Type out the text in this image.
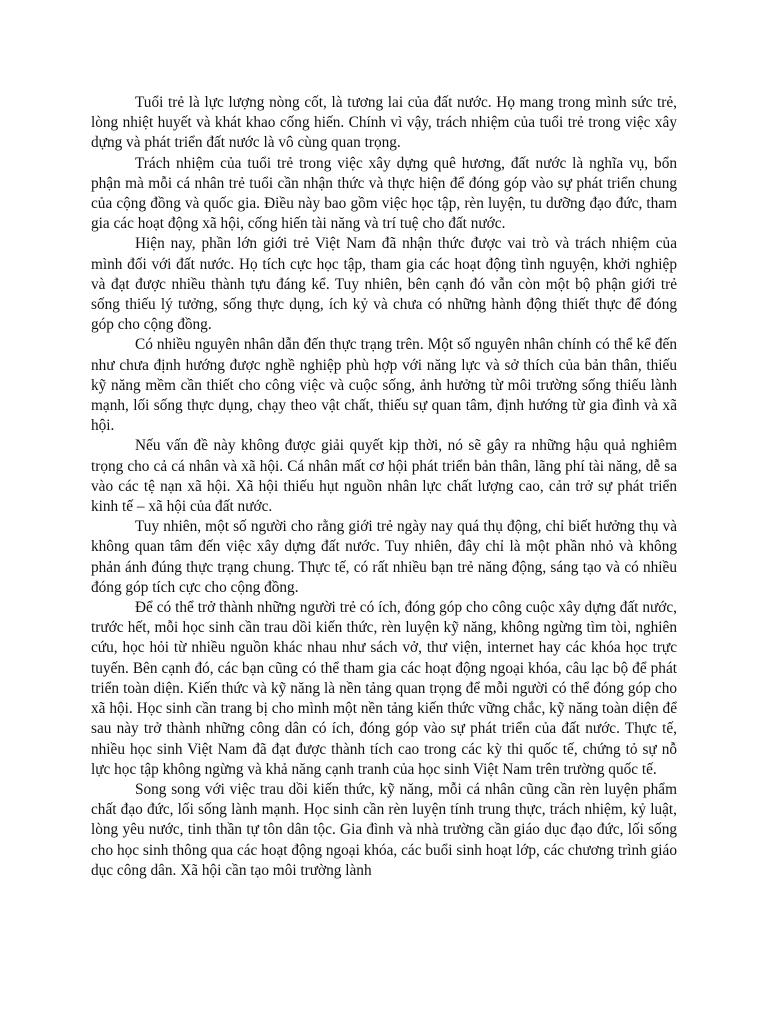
Tuổi trẻ là lực lượng nòng cốt, là tương lai của đất nước. Họ mang trong mình sức trẻ, lòng nhiệt huyết và khát khao cống hiến. Chính vì vậy, trách nhiệm của tuổi trẻ trong việc xây dựng và phát triển đất nước là vô cùng quan trọng.

Trách nhiệm của tuổi trẻ trong việc xây dựng quê hương, đất nước là nghĩa vụ, bổn phận mà mỗi cá nhân trẻ tuổi cần nhận thức và thực hiện để đóng góp vào sự phát triển chung của cộng đồng và quốc gia. Điều này bao gồm việc học tập, rèn luyện, tu dưỡng đạo đức, tham gia các hoạt động xã hội, cống hiến tài năng và trí tuệ cho đất nước.

Hiện nay, phần lớn giới trẻ Việt Nam đã nhận thức được vai trò và trách nhiệm của mình đối với đất nước. Họ tích cực học tập, tham gia các hoạt động tình nguyện, khởi nghiệp và đạt được nhiều thành tựu đáng kể. Tuy nhiên, bên cạnh đó vẫn còn một bộ phận giới trẻ sống thiếu lý tưởng, sống thực dụng, ích kỷ và chưa có những hành động thiết thực để đóng góp cho cộng đồng.

Có nhiều nguyên nhân dẫn đến thực trạng trên. Một số nguyên nhân chính có thể kể đến như chưa định hướng được nghề nghiệp phù hợp với năng lực và sở thích của bản thân, thiếu kỹ năng mềm cần thiết cho công việc và cuộc sống, ảnh hưởng từ môi trường sống thiếu lành mạnh, lối sống thực dụng, chạy theo vật chất, thiếu sự quan tâm, định hướng từ gia đình và xã hội.

Nếu vấn đề này không được giải quyết kịp thời, nó sẽ gây ra những hậu quả nghiêm trọng cho cả cá nhân và xã hội. Cá nhân mất cơ hội phát triển bản thân, lãng phí tài năng, dễ sa vào các tệ nạn xã hội. Xã hội thiếu hụt nguồn nhân lực chất lượng cao, cản trở sự phát triển kinh tế – xã hội của đất nước.

Tuy nhiên, một số người cho rằng giới trẻ ngày nay quá thụ động, chỉ biết hưởng thụ và không quan tâm đến việc xây dựng đất nước. Tuy nhiên, đây chỉ là một phần nhỏ và không phản ánh đúng thực trạng chung. Thực tế, có rất nhiều bạn trẻ năng động, sáng tạo và có nhiều đóng góp tích cực cho cộng đồng.

Để có thể trở thành những người trẻ có ích, đóng góp cho công cuộc xây dựng đất nước, trước hết, mỗi học sinh cần trau dồi kiến thức, rèn luyện kỹ năng, không ngừng tìm tòi, nghiên cứu, học hỏi từ nhiều nguồn khác nhau như sách vở, thư viện, internet hay các khóa học trực tuyến. Bên cạnh đó, các bạn cũng có thể tham gia các hoạt động ngoại khóa, câu lạc bộ để phát triển toàn diện. Kiến thức và kỹ năng là nền tảng quan trọng để mỗi người có thể đóng góp cho xã hội. Học sinh cần trang bị cho mình một nền tảng kiến thức vững chắc, kỹ năng toàn diện để sau này trở thành những công dân có ích, đóng góp vào sự phát triển của đất nước. Thực tế, nhiều học sinh Việt Nam đã đạt được thành tích cao trong các kỳ thi quốc tế, chứng tỏ sự nỗ lực học tập không ngừng và khả năng cạnh tranh của học sinh Việt Nam trên trường quốc tế.

Song song với việc trau dồi kiến thức, kỹ năng, mỗi cá nhân cũng cần rèn luyện phẩm chất đạo đức, lối sống lành mạnh. Học sinh cần rèn luyện tính trung thực, trách nhiệm, kỷ luật, lòng yêu nước, tinh thần tự tôn dân tộc. Gia đình và nhà trường cần giáo dục đạo đức, lối sống cho học sinh thông qua các hoạt động ngoại khóa, các buổi sinh hoạt lớp, các chương trình giáo dục công dân. Xã hội cần tạo môi trường lành
